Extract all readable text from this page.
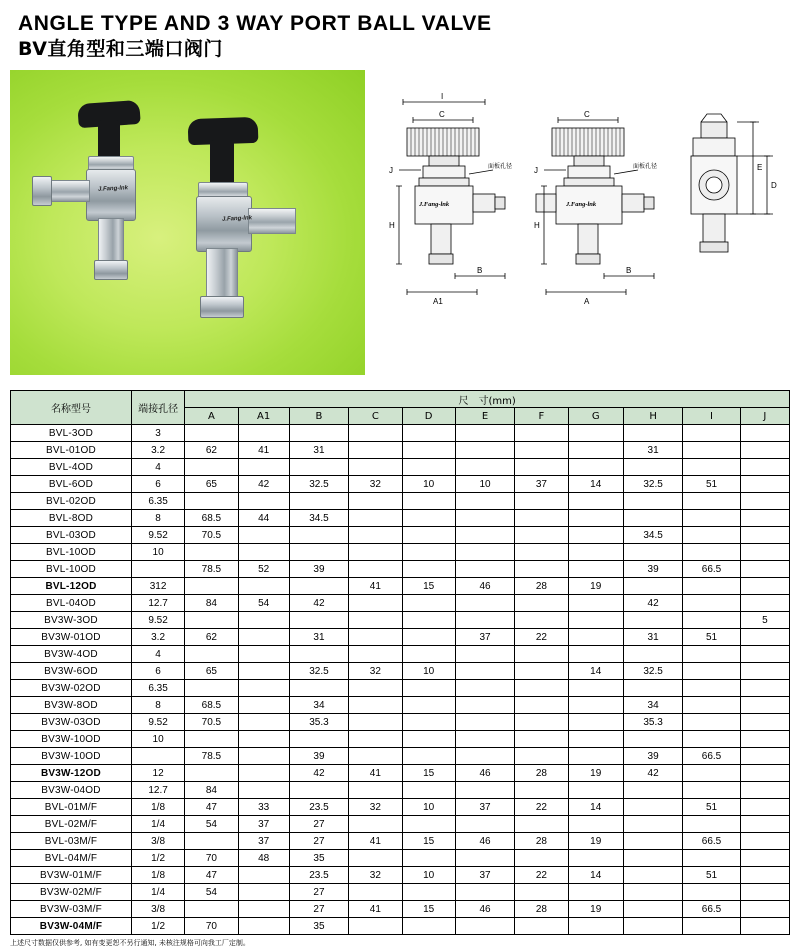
ANGLE TYPE AND 3 WAY PORT BALL VALVE
BV直角型和三端口阀门
J.Fang-lnk
J.Fang-lnk
I
C
J
H
B
A1
面板孔径
J.Fang-lnk
C
J
H
B
A
面板孔径
J.Fang-lnk
E
D
名称型号	端接孔径	尺　寸(mm)										
		A	A1	B	C	D	E	F	G	H	I	J
BVL-3OD	3											
BVL-01OD	3.2	62	41	31						31		
BVL-4OD	4											
BVL-6OD	6	65	42	32.5	32	10	10	37	14	32.5	51	
BVL-02OD	6.35											
BVL-8OD	8	68.5	44	34.5								
BVL-03OD	9.52	70.5								34.5		
BVL-10OD	10											
BVL-10OD		78.5	52	39						39	66.5	
BVL-12OD	312				41	15	46	28	19			
BVL-04OD	12.7	84	54	42						42		
BV3W-3OD	9.52											5
BV3W-01OD	3.2	62		31			37	22		31	51	
BV3W-4OD	4											
BV3W-6OD	6	65		32.5	32	10			14	32.5		
BV3W-02OD	6.35											
BV3W-8OD	8	68.5		34						34		
BV3W-03OD	9.52	70.5		35.3						35.3		
BV3W-10OD	10											
BV3W-10OD		78.5		39						39	66.5	
BV3W-12OD	12			42	41	15	46	28	19	42		
BV3W-04OD	12.7	84										
BVL-01M/F	1/8	47	33	23.5	32	10	37	22	14		51	
BVL-02M/F	1/4	54	37	27								
BVL-03M/F	3/8		37	27	41	15	46	28	19		66.5	
BVL-04M/F	1/2	70	48	35								
BV3W-01M/F	1/8	47		23.5	32	10	37	22	14		51	
BV3W-02M/F	1/4	54		27								
BV3W-03M/F	3/8			27	41	15	46	28	19		66.5	
BV3W-04M/F	1/2	70		35								
上述尺寸数据仅供参考, 如有变更恕不另行通知, 未核注规格可向我工厂定制。
